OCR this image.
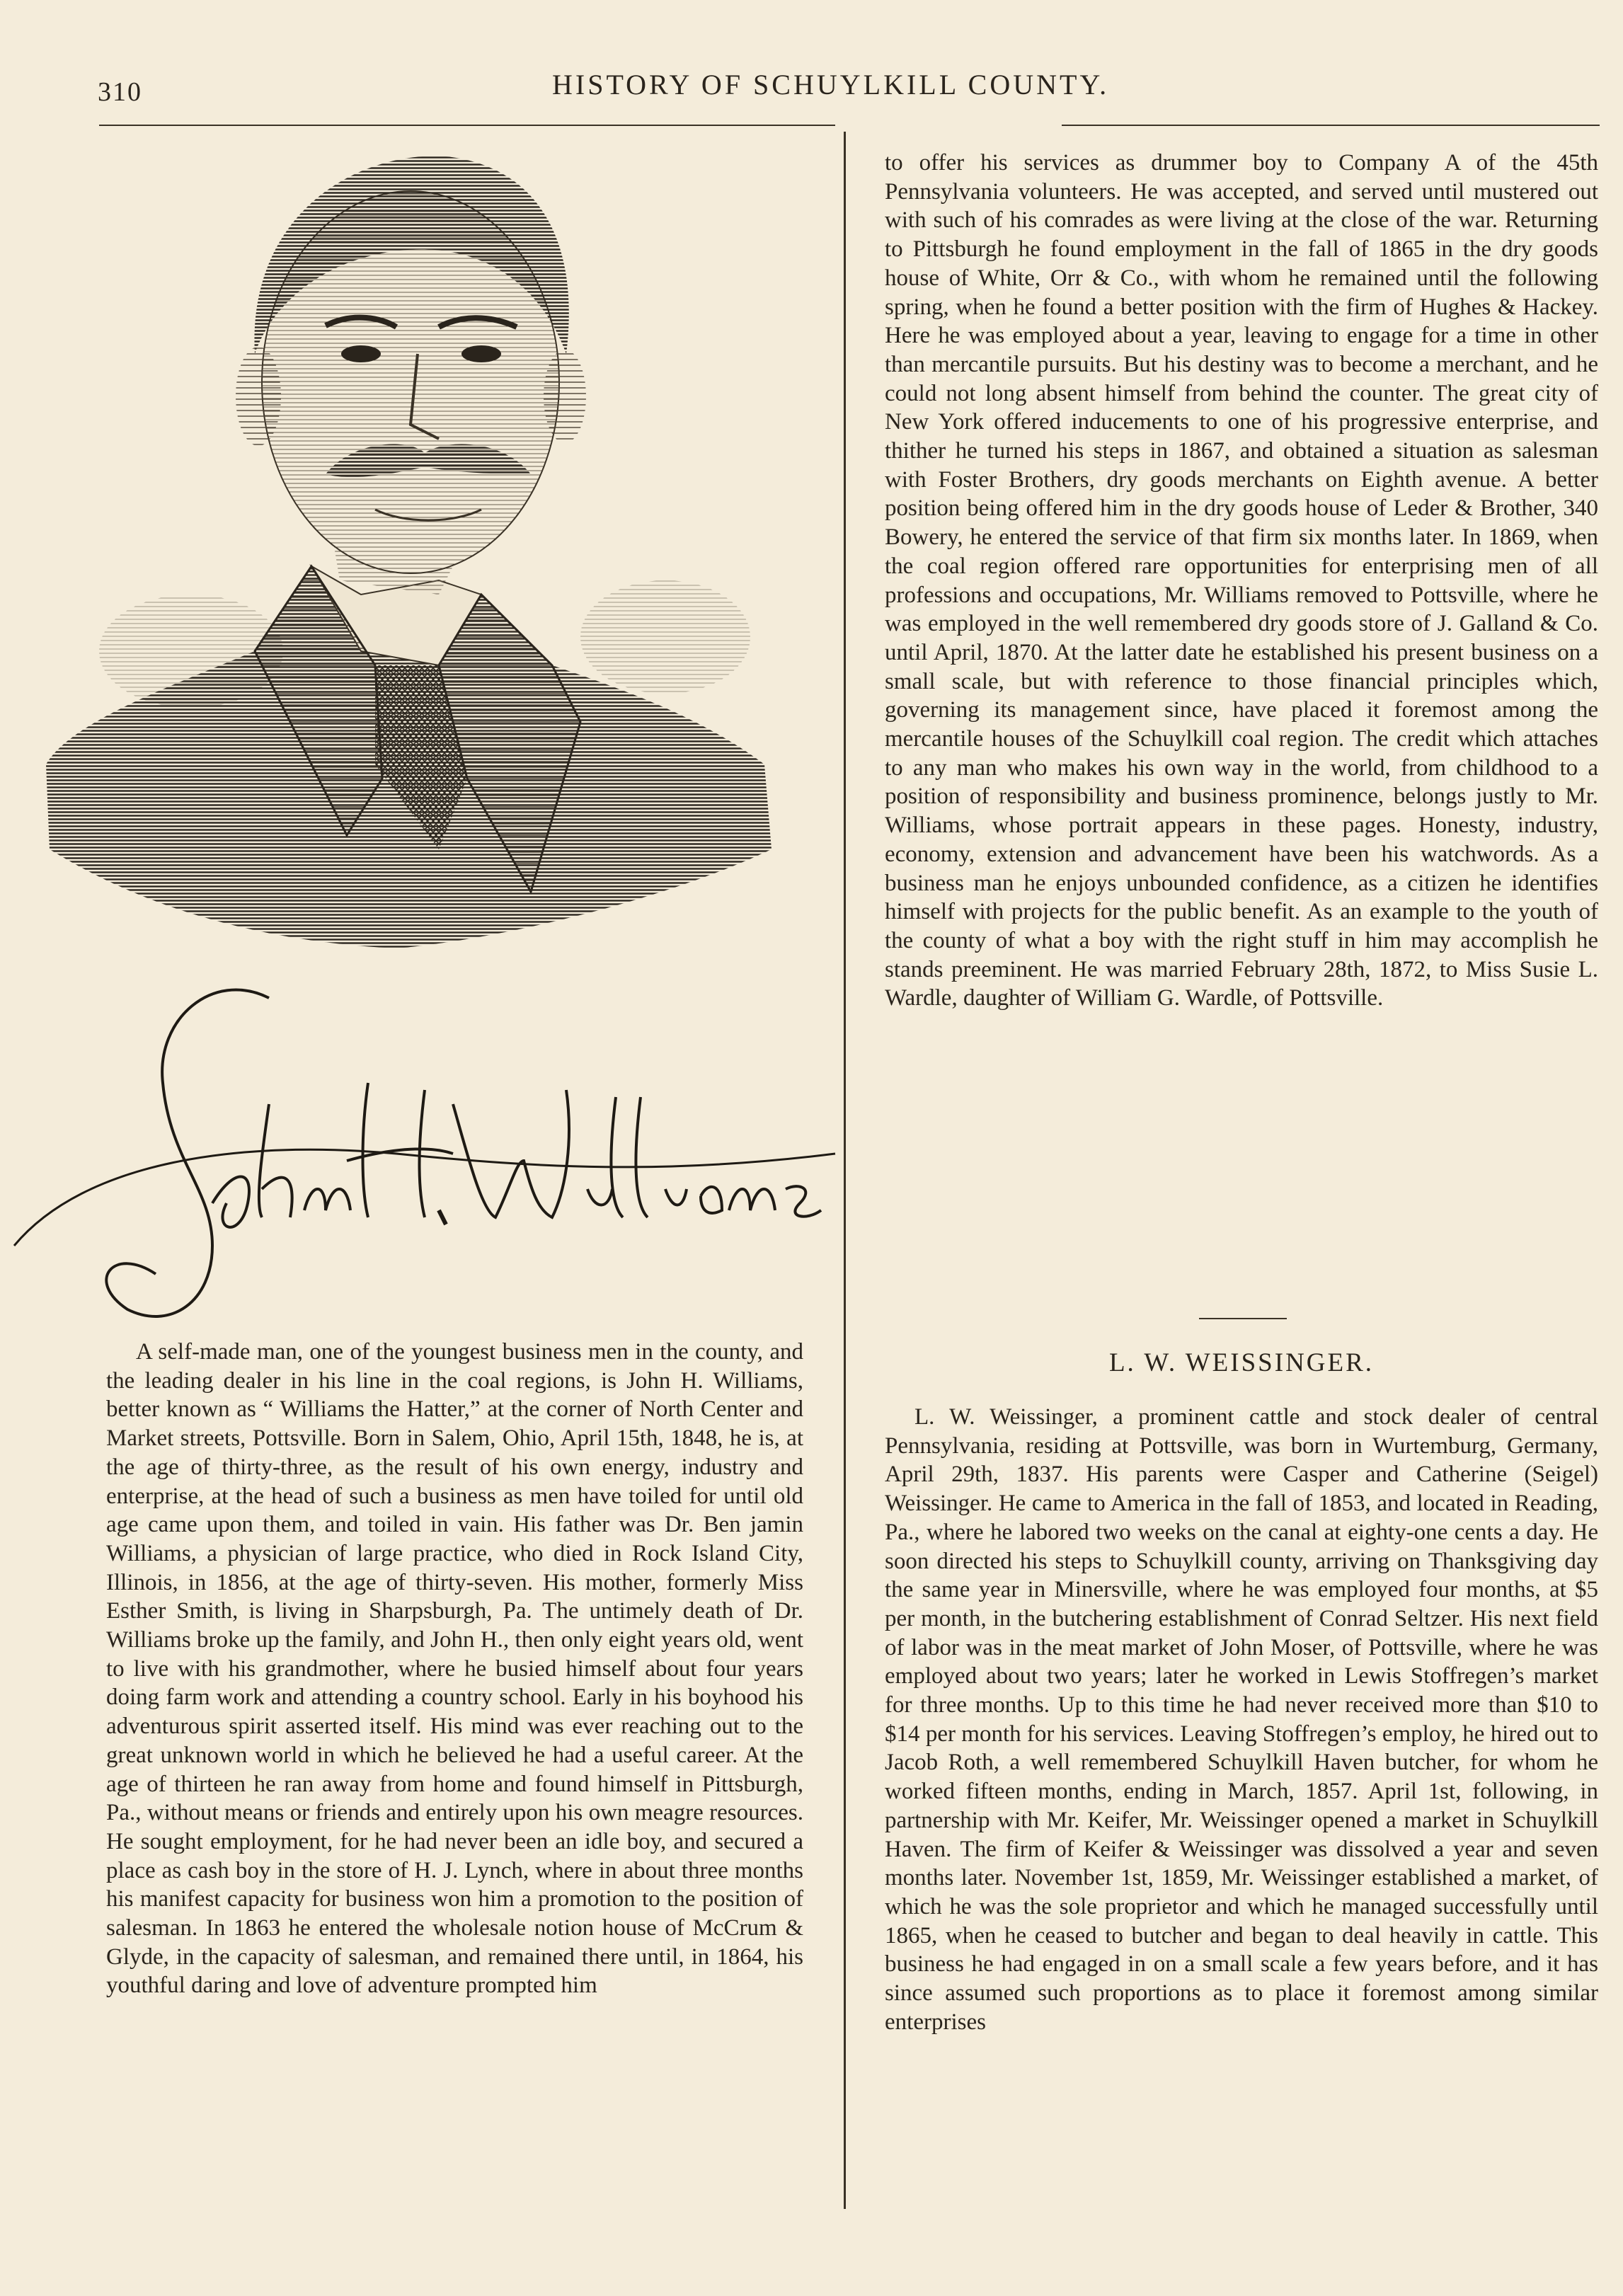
310	HISTORY OF SCHUYLKILL COUNTY.

A self-made man, one of the youngest business men in the county, and the leading dealer in his line in the coal regions, is John H. Williams, better known as “ Williams the Hatter,” at the corner of North Center and Market streets, Pottsville. Born in Salem, Ohio, April 15th, 1848, he is, at the age of thirty-three, as the result of his own energy, industry and enterprise, at the head of such a business as men have toiled for until old age came upon them, and toiled in vain. His father was Dr. Ben jamin Williams, a physician of large practice, who died in Rock Island City, Illinois, in 1856, at the age of thirty-seven. His mother, formerly Miss Esther Smith, is living in Sharpsburgh, Pa. The untimely death of Dr. Williams broke up the family, and John H., then only eight years old, went to live with his grandmother, where he busied himself about four years doing farm work and attending a country school. Early in his boyhood his adventurous spirit asserted itself. His mind was ever reaching out to the great unknown world in which he believed he had a useful career. At the age of thirteen he ran away from home and found himself in Pittsburgh, Pa., without means or friends and entirely upon his own meagre resources. He sought employment, for he had never been an idle boy, and secured a place as cash boy in the store of H. J. Lynch, where in about three months his manifest capacity for business won him a promotion to the position of salesman. In 1863 he entered the wholesale notion house of McCrum & Glyde, in the capacity of salesman, and remained there until, in 1864, his youthful daring and love of adventure prompted him

to offer his services as drummer boy to Company A of the 45th Pennsylvania volunteers. He was accepted, and served until mustered out with such of his comrades as were living at the close of the war. Returning to Pittsburgh he found employment in the fall of 1865 in the dry goods house of White, Orr & Co., with whom he remained until the following spring, when he found a better position with the firm of Hughes & Hackey. Here he was employed about a year, leaving to engage for a time in other than mercantile pursuits. But his destiny was to become a merchant, and he could not long absent himself from behind the counter. The great city of New York offered inducements to one of his progressive enterprise, and thither he turned his steps in 1867, and obtained a situation as salesman with Foster Brothers, dry goods merchants on Eighth avenue. A better position being offered him in the dry goods house of Leder & Brother, 340 Bowery, he entered the service of that firm six months later. In 1869, when the coal region offered rare opportunities for enterprising men of all professions and occupations, Mr. Williams removed to Pottsville, where he was employed in the well remembered dry goods store of J. Galland & Co. until April, 1870. At the latter date he established his present business on a small scale, but with reference to those financial principles which, governing its management since, have placed it foremost among the mercantile houses of the Schuylkill coal region. The credit which attaches to any man who makes his own way in the world, from childhood to a position of responsibility and business prominence, belongs justly to Mr. Williams, whose portrait appears in these pages. Honesty, industry, economy, extension and advancement have been his watchwords. As a business man he enjoys unbounded confidence, as a citizen he identifies himself with projects for the public benefit. As an example to the youth of the county of what a boy with the right stuff in him may accomplish he stands preeminent. He was married February 28th, 1872, to Miss Susie L. Wardle, daughter of William G. Wardle, of Pottsville.

L. W. WEISSINGER.

L. W. Weissinger, a prominent cattle and stock dealer of central Pennsylvania, residing at Pottsville, was born in Wurtemburg, Germany, April 29th, 1837. His parents were Casper and Catherine (Seigel) Weissinger. He came to America in the fall of 1853, and located in Reading, Pa., where he labored two weeks on the canal at eighty-one cents a day. He soon directed his steps to Schuylkill county, arriving on Thanksgiving day the same year in Minersville, where he was employed four months, at $5 per month, in the butchering establishment of Conrad Seltzer. His next field of labor was in the meat market of John Moser, of Pottsville, where he was employed about two years; later he worked in Lewis Stoffregen’s market for three months. Up to this time he had never received more than $10 to $14 per month for his services. Leaving Stoffregen’s employ, he hired out to Jacob Roth, a well remembered Schuylkill Haven butcher, for whom he worked fifteen months, ending in March, 1857. April 1st, following, in partnership with Mr. Keifer, Mr. Weissinger opened a market in Schuylkill Haven. The firm of Keifer & Weissinger was dissolved a year and seven months later. November 1st, 1859, Mr. Weissinger established a market, of which he was the sole proprietor and which he managed successfully until 1865, when he ceased to butcher and began to deal heavily in cattle. This business he had engaged in on a small scale a few years before, and it has since assumed such proportions as to place it foremost among similar enterprises
